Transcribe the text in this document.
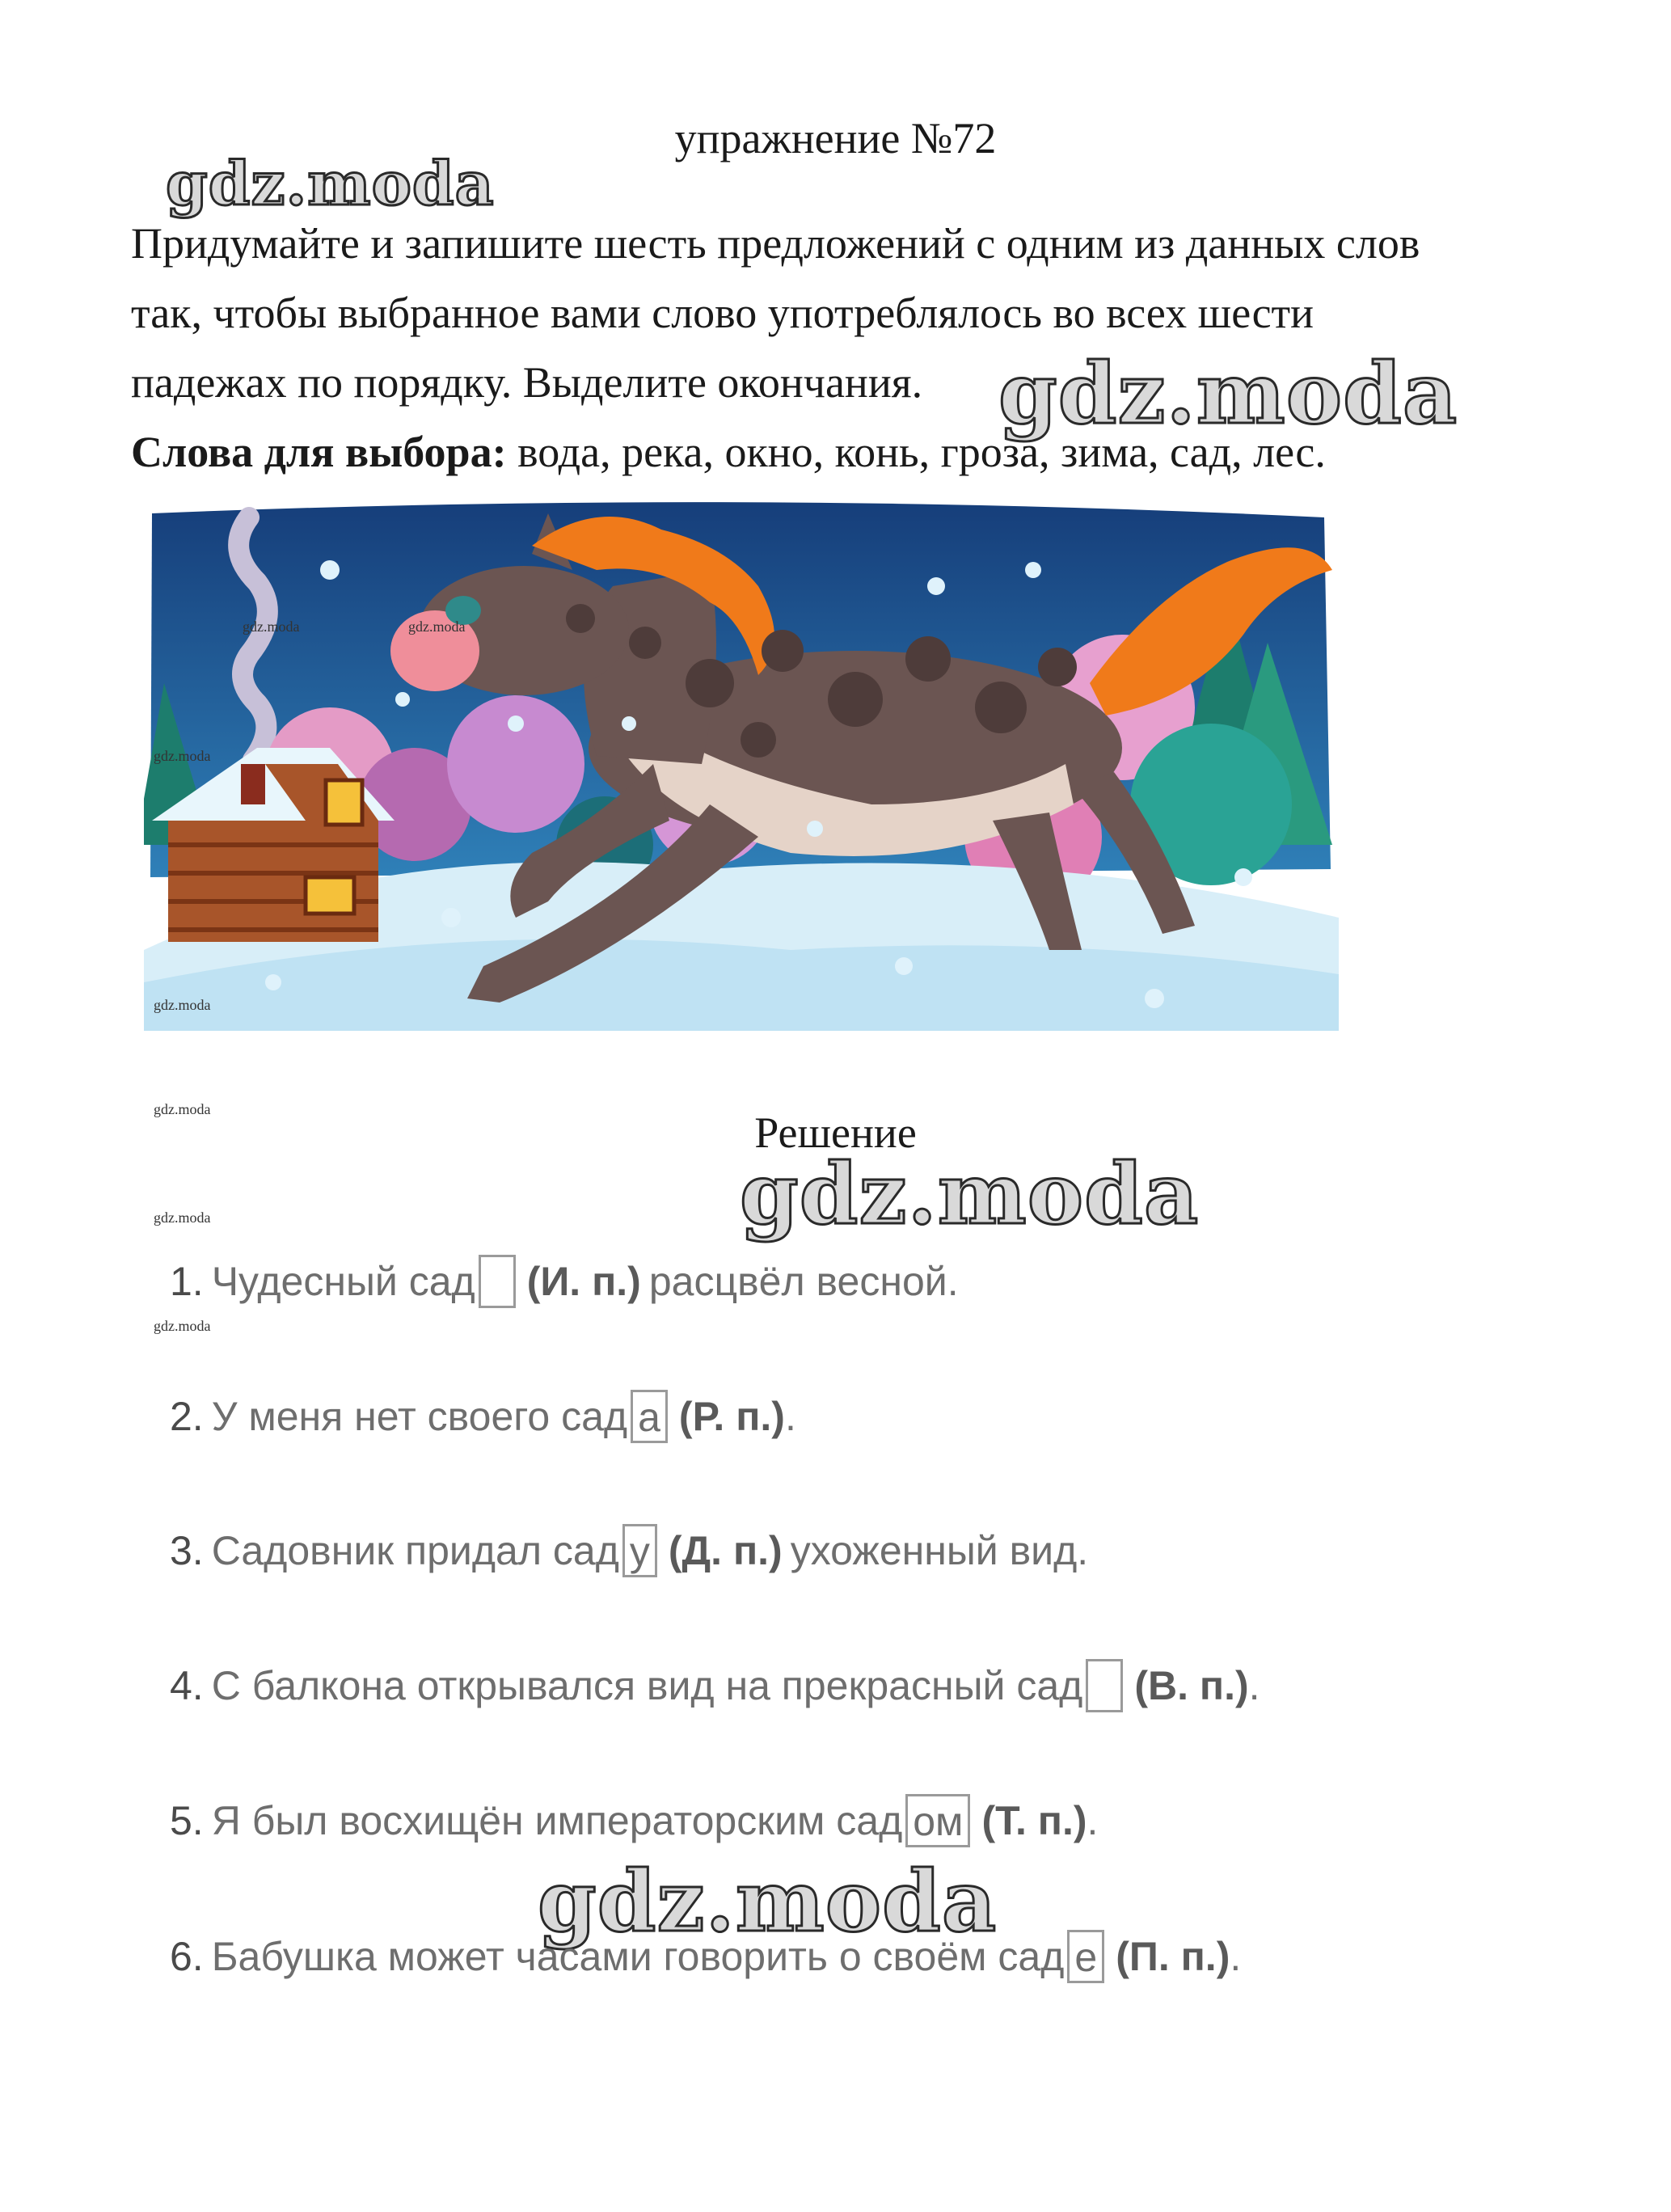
упражнение №72
gdz.moda
Придумайте и запишите шесть предложений с одним из данных слов
так, чтобы выбранное вами слово употреблялось во всех шести
падежах по порядку. Выделите окончания.
Слова для выбора: вода, река, окно, конь, гроза, зима, сад, лес.
gdz.moda
gdz.moda	gdz.moda
gdz.moda
gdz.moda
gdz.moda
gdz.moda
gdz.moda
Решение
gdz.moda
1. Чудесный сад (И. п.) расцвёл весной.
2. У меня нет своего сад а (Р. п.) .
3. Садовник придал сад у (Д. п.) ухоженный вид.
4. С балкона открывался вид на прекрасный сад (В. п.) .
5. Я был восхищён императорским сад ом (Т. п.) .
gdz.moda
6. Бабушка может часами говорить о своём сад е (П. п.) .
